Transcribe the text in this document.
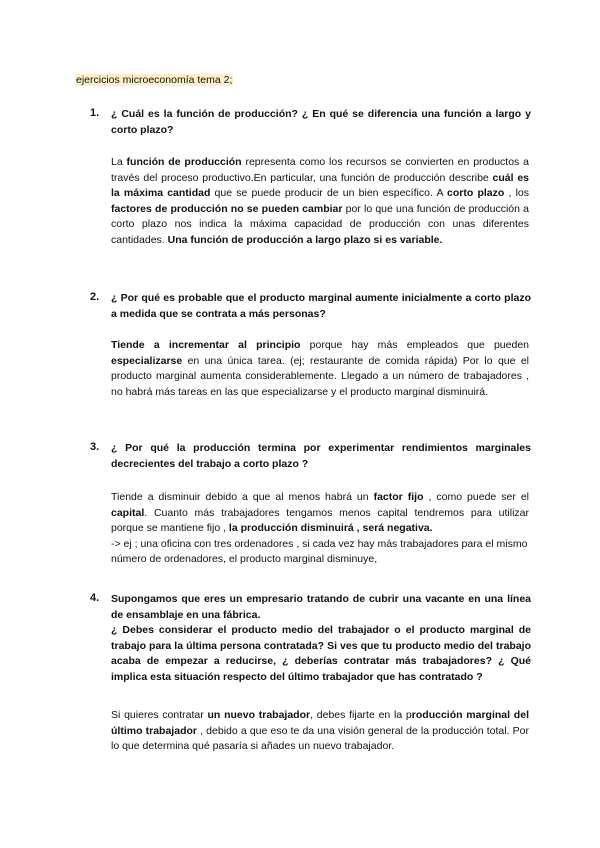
ejercicios microeconomía tema 2;
1. ¿ Cuál es la función de producción? ¿ En qué se diferencia una función a largo y corto plazo?

La función de producción representa como los recursos se convierten en productos a través del proceso productivo.En particular, una función de producción describe cuál es la máxima cantidad que se puede producir de un bien específico. A corto plazo , los factores de producción no se pueden cambiar por lo que una función de producción a corto plazo nos indica la máxima capacidad de producción con unas diferentes cantidades. Una función de producción a largo plazo si es variable.

2. ¿ Por qué es probable que el producto marginal aumente inicialmente a corto plazo a medida que se contrata a más personas?

Tiende a incrementar al principio porque hay más empleados que pueden especializarse en una única tarea. (ej; restaurante de comida rápida) Por lo que el producto marginal aumenta considerablemente. Llegado a un número de trabajadores , no habrá más tareas en las que especializarse y el producto marginal disminuirá.

3. ¿ Por qué la producción termina por experimentar rendimientos marginales decrecientes del trabajo a corto plazo ?

Tiende a disminuir debido a que al menos habrá un factor fijo , como puede ser el capital. Cuanto más trabajadores tengamos menos capital tendremos para utilizar porque se mantiene fijo , la producción disminuirá , será negativa.

-> ej ; una oficina con tres ordenadores , si cada vez hay más trabajadores para el mismo número de ordenadores, el producto marginal disminuye,

4. Supongamos que eres un empresario tratando de cubrir una vacante en una línea de ensamblaje en una fábrica.
¿ Debes considerar el producto medio del trabajador o el producto marginal de trabajo para la última persona contratada? Si ves que tu producto medio del trabajo acaba de empezar a reducirse, ¿ deberías contratar más trabajadores? ¿ Qué implica esta situación respecto del último trabajador que has contratado ?

Si quieres contratar un nuevo trabajador, debes fijarte en la producción marginal del último trabajador , debido a que eso te da una visión general de la producción total. Por lo que determina qué pasaría si añades un nuevo trabajador.
